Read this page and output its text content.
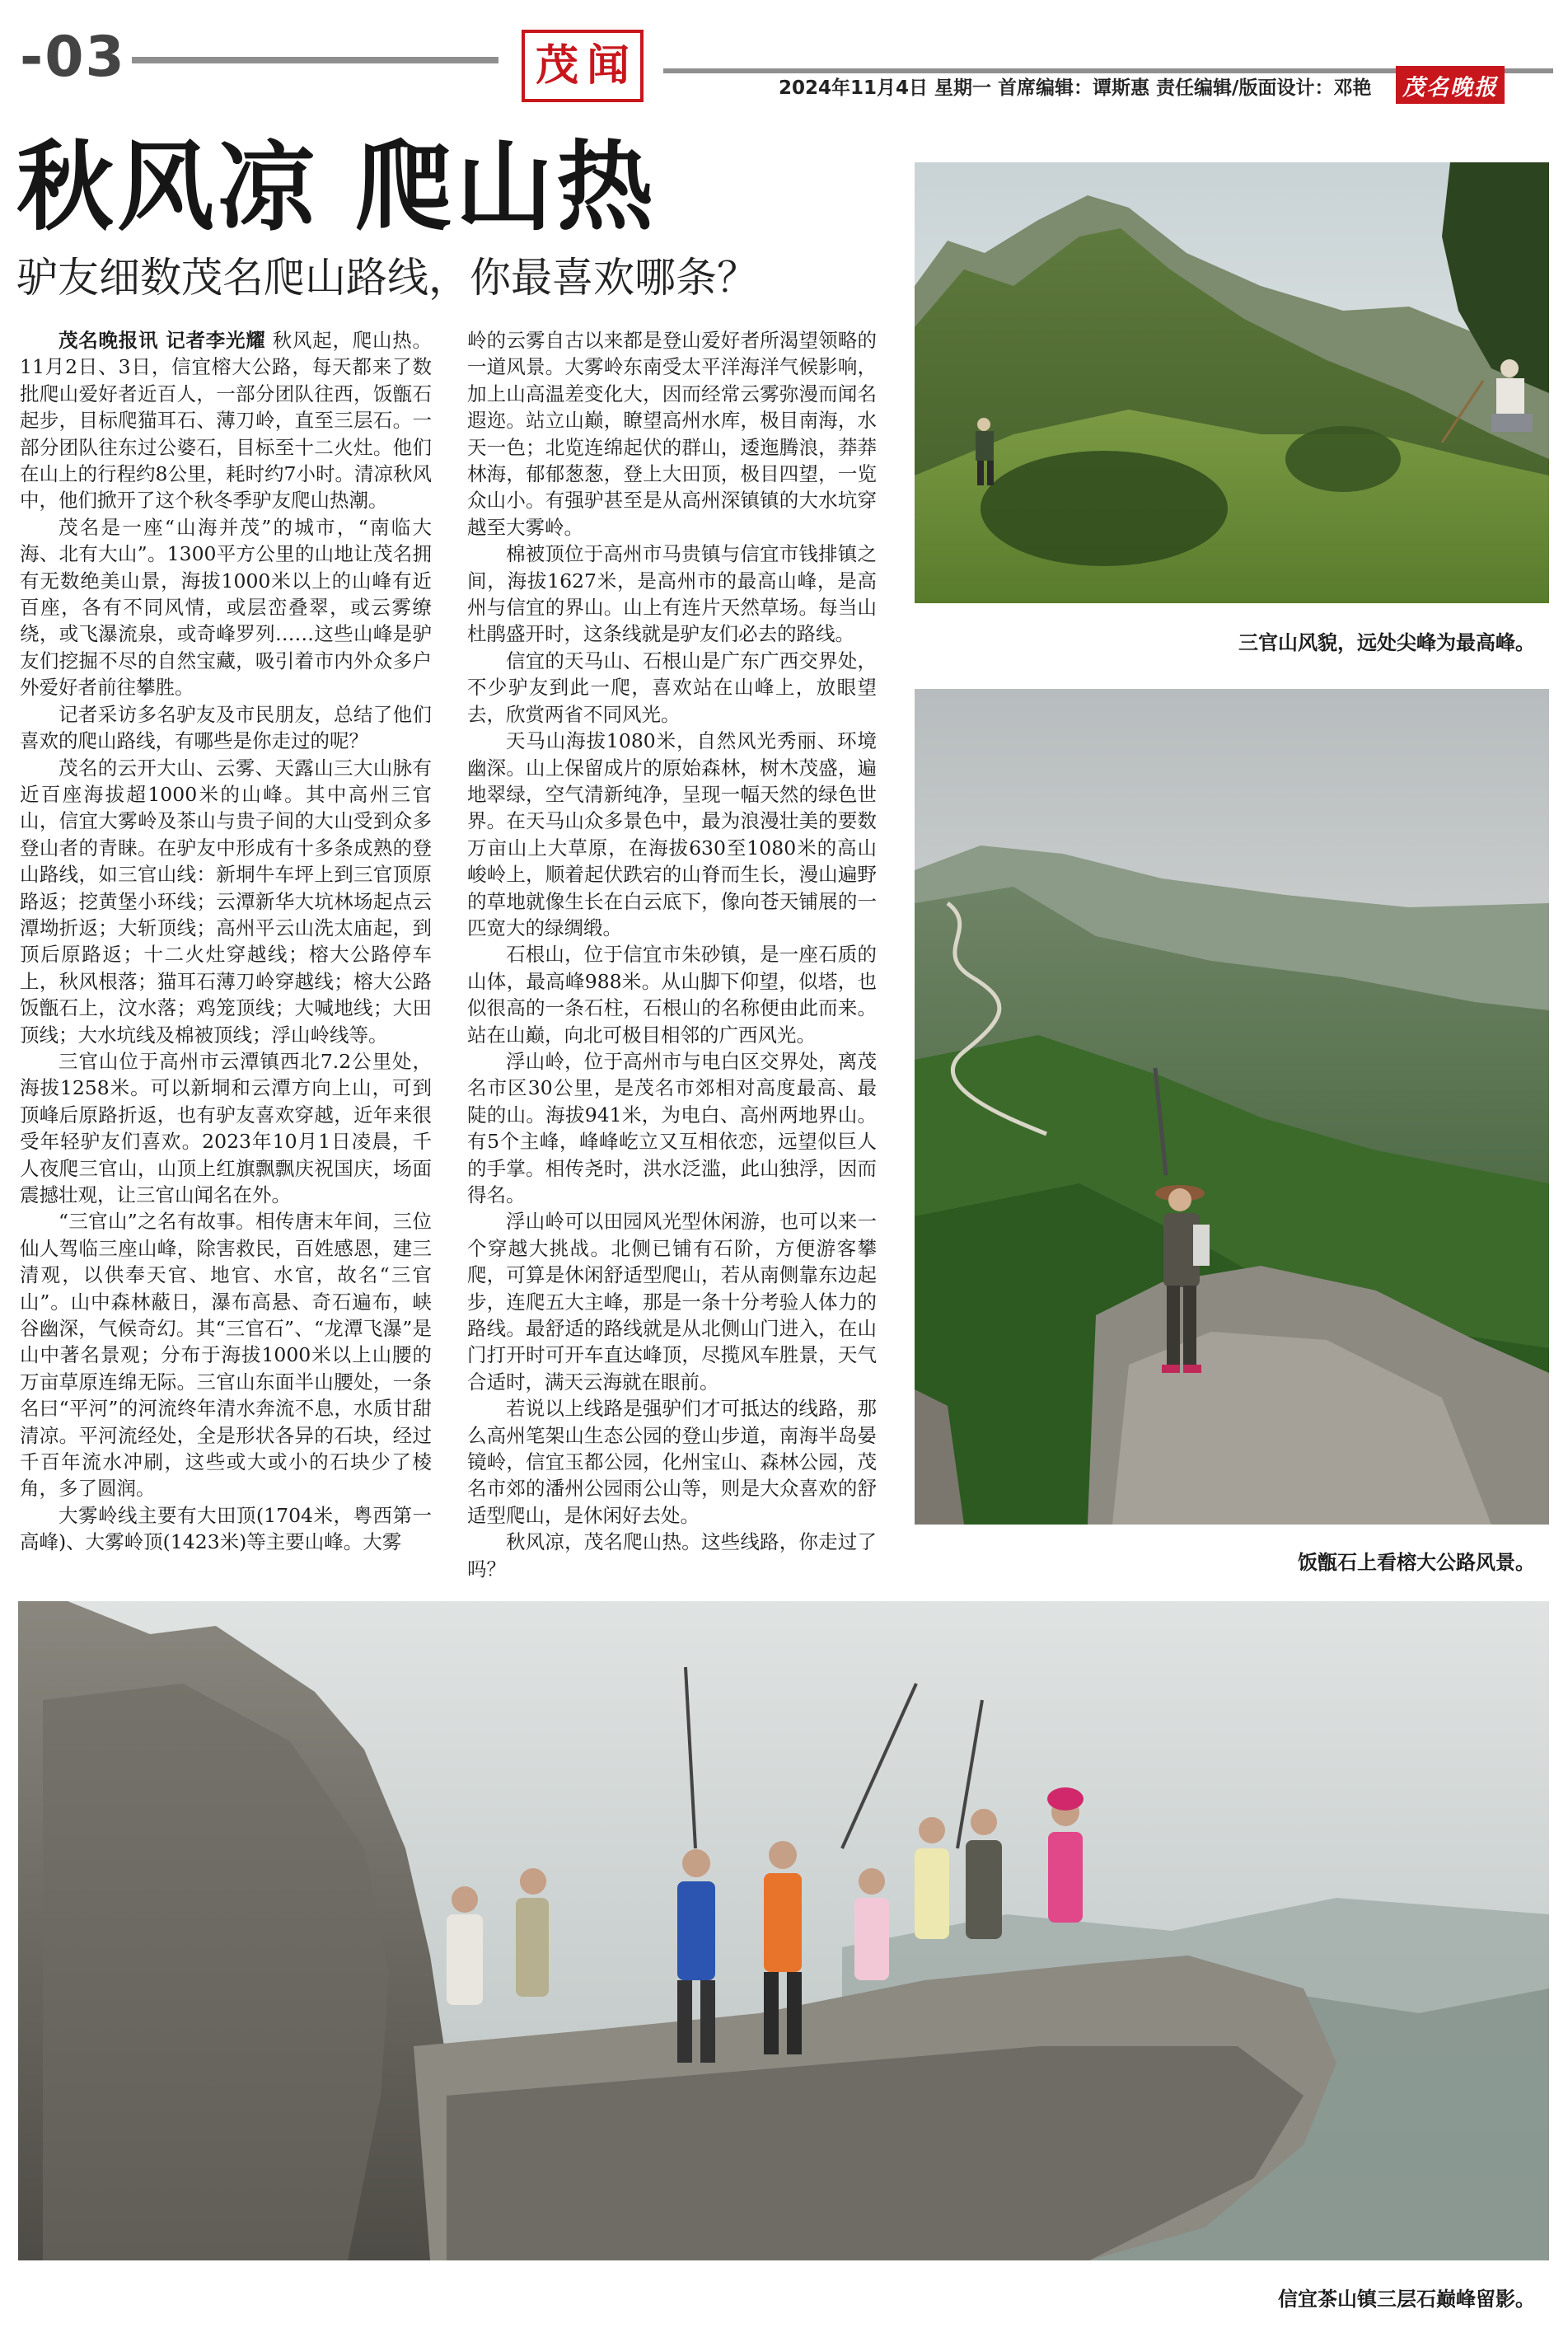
-03	茂 闻	2024年11月4日 星期一 首席编辑：谭斯惠 责任编辑/版面设计：邓艳 茂名晚报
秋风凉 爬山热
驴友细数茂名爬山路线，你最喜欢哪条？

茂名晚报讯 记者李光耀 秋风起，爬山热。11月2日、3日，信宜榕大公路，每天都来了数批爬山爱好者近百人，一部分团队往西，饭甑石起步，目标爬猫耳石、薄刀岭，直至三层石。一部分团队往东过公婆石，目标至十二火灶。他们在山上的行程约8公里，耗时约7小时。清凉秋风中，他们掀开了这个秋冬季驴友爬山热潮。

茂名是一座“山海并茂”的城市，“南临大海、北有大山”。1300平方公里的山地让茂名拥有无数绝美山景，海拔1000米以上的山峰有近百座，各有不同风情，或层峦叠翠，或云雾缭绕，或飞瀑流泉，或奇峰罗列……这些山峰是驴友们挖掘不尽的自然宝藏，吸引着市内外众多户外爱好者前往攀胜。

记者采访多名驴友及市民朋友，总结了他们喜欢的爬山路线，有哪些是你走过的呢？

茂名的云开大山、云雾、天露山三大山脉有近百座海拔超1000米的山峰。其中高州三官山，信宜大雾岭及茶山与贵子间的大山受到众多登山者的青睐。在驴友中形成有十多条成熟的登山路线，如三官山线：新垌牛车坪上到三官顶原路返；挖黄堡小环线；云潭新华大坑林场起点云潭坳折返；大斩顶线；高州平云山洗太庙起，到顶后原路返；十二火灶穿越线；榕大公路停车上，秋风根落；猫耳石薄刀岭穿越线；榕大公路饭甑石上，汶水落；鸡笼顶线；大喊地线；大田顶线；大水坑线及棉被顶线；浮山岭线等。

三官山位于高州市云潭镇西北7.2公里处，海拔1258米。可以新垌和云潭方向上山，可到顶峰后原路折返，也有驴友喜欢穿越，近年来很受年轻驴友们喜欢。2023年10月1日凌晨，千人夜爬三官山，山顶上红旗飘飘庆祝国庆，场面震撼壮观，让三官山闻名在外。

“三官山”之名有故事。相传唐末年间，三位仙人驾临三座山峰，除害救民，百姓感恩，建三清观，以供奉天官、地官、水官，故名“三官山”。山中森林蔽日，瀑布高悬、奇石遍布，峡谷幽深，气候奇幻。其“三官石”、“龙潭飞瀑”是山中著名景观；分布于海拔1000米以上山腰的万亩草原连绵无际。三官山东面半山腰处，一条名曰“平河”的河流终年清水奔流不息，水质甘甜清凉。平河流经处，全是形状各异的石块，经过千百年流水冲刷，这些或大或小的石块少了棱角，多了圆润。

大雾岭线主要有大田顶(1704米，粤西第一高峰)、大雾岭顶(1423米)等主要山峰。大雾

岭的云雾自古以来都是登山爱好者所渴望领略的一道风景。大雾岭东南受太平洋海洋气候影响，加上山高温差变化大，因而经常云雾弥漫而闻名遐迩。站立山巅，瞭望高州水库，极目南海，水天一色；北览连绵起伏的群山，逶迤腾浪，莽莽林海，郁郁葱葱，登上大田顶，极目四望，一览众山小。有强驴甚至是从高州深镇镇的大水坑穿越至大雾岭。

棉被顶位于高州市马贵镇与信宜市钱排镇之间，海拔1627米，是高州市的最高山峰，是高州与信宜的界山。山上有连片天然草场。每当山杜鹃盛开时，这条线就是驴友们必去的路线。

信宜的天马山、石根山是广东广西交界处，不少驴友到此一爬，喜欢站在山峰上，放眼望去，欣赏两省不同风光。

天马山海拔1080米，自然风光秀丽、环境幽深。山上保留成片的原始森林，树木茂盛，遍地翠绿，空气清新纯净，呈现一幅天然的绿色世界。在天马山众多景色中，最为浪漫壮美的要数万亩山上大草原，在海拔630至1080米的高山峻岭上，顺着起伏跌宕的山脊而生长，漫山遍野的草地就像生长在白云底下，像向苍天铺展的一匹宽大的绿绸缎。

石根山，位于信宜市朱砂镇，是一座石质的山体，最高峰988米。从山脚下仰望，似塔，也似很高的一条石柱，石根山的名称便由此而来。站在山巅，向北可极目相邻的广西风光。

浮山岭，位于高州市与电白区交界处，离茂名市区30公里，是茂名市郊相对高度最高、最陡的山。海拔941米，为电白、高州两地界山。有5个主峰，峰峰屹立又互相依恋，远望似巨人的手掌。相传尧时，洪水泛滥，此山独浮，因而得名。

浮山岭可以田园风光型休闲游，也可以来一个穿越大挑战。北侧已铺有石阶，方便游客攀爬，可算是休闲舒适型爬山，若从南侧靠东边起步，连爬五大主峰，那是一条十分考验人体力的路线。最舒适的路线就是从北侧山门进入，在山门打开时可开车直达峰顶，尽揽风车胜景，天气合适时，满天云海就在眼前。

若说以上线路是强驴们才可抵达的线路，那么高州笔架山生态公园的登山步道，南海半岛晏镜岭，信宜玉都公园，化州宝山、森林公园，茂名市郊的潘州公园雨公山等，则是大众喜欢的舒适型爬山，是休闲好去处。

秋风凉，茂名爬山热。这些线路，你走过了吗？

三官山风貌，远处尖峰为最高峰。
饭甑石上看榕大公路风景。
信宜茶山镇三层石巅峰留影。
